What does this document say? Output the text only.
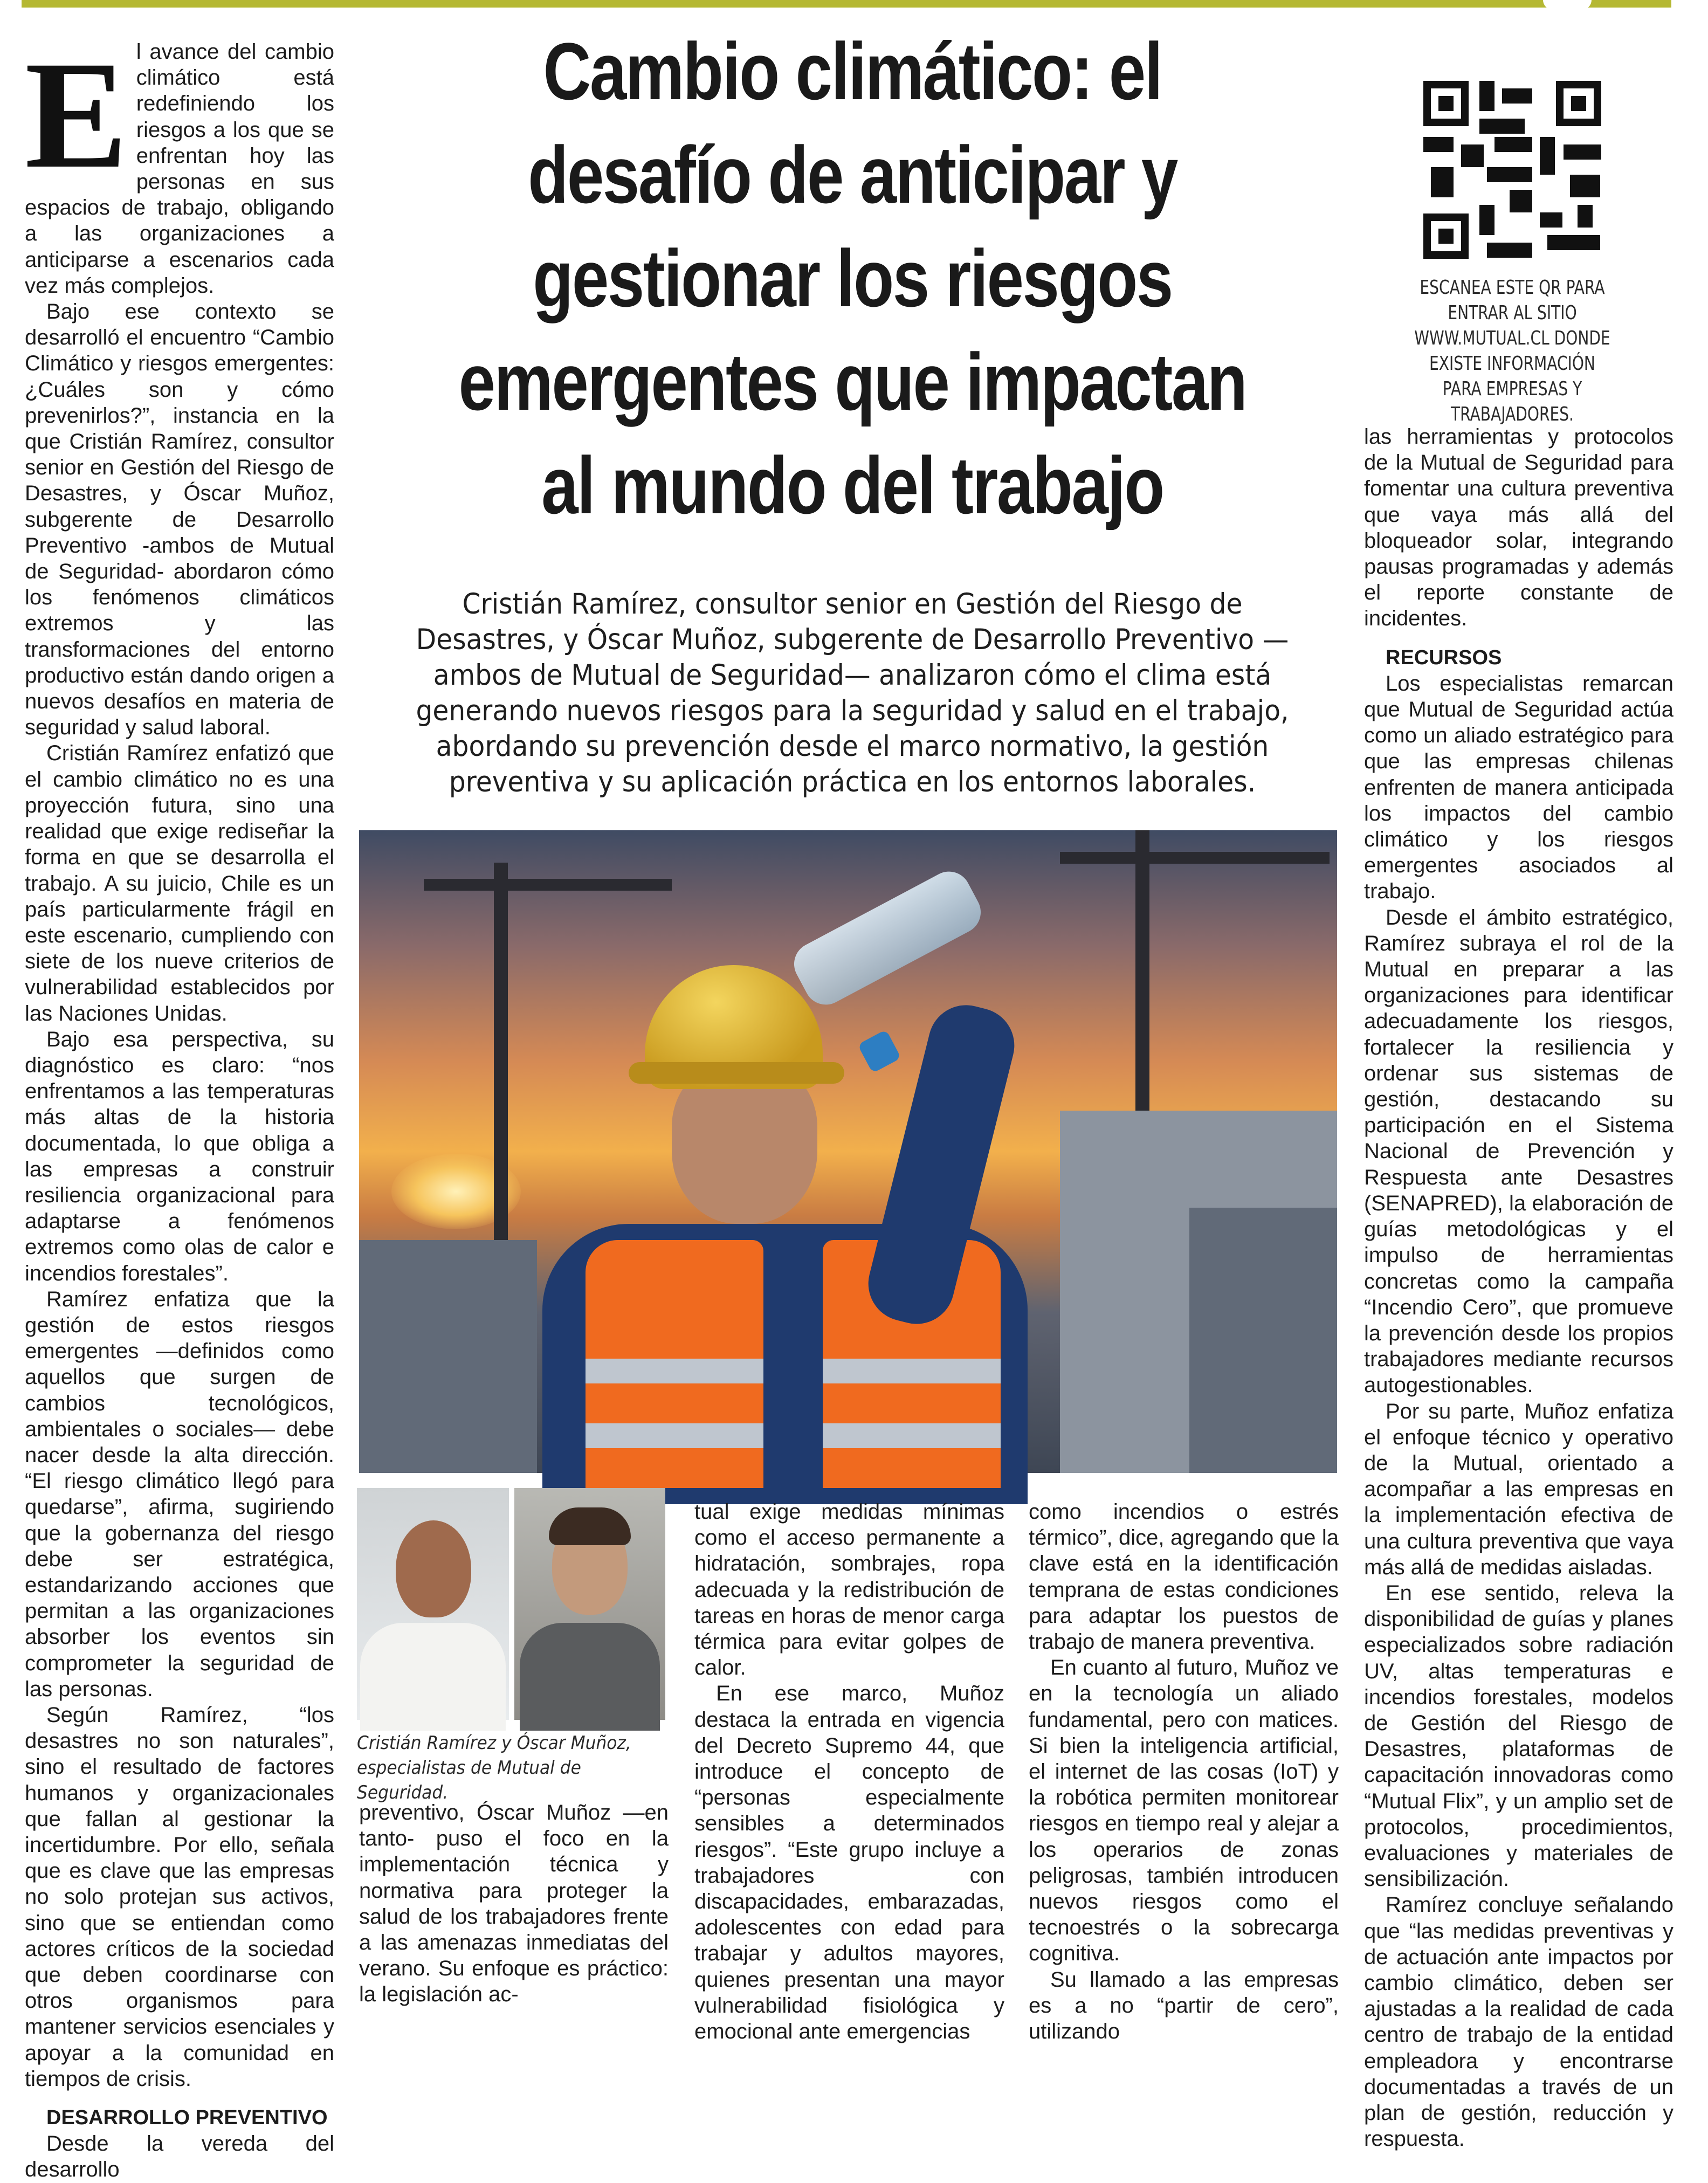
E l avance del cambio climático está redefiniendo los riesgos a los que se enfrentan hoy las personas en sus espacios de trabajo, obligando a las organizaciones a anticiparse a escenarios cada vez más complejos.

Bajo ese contexto se desarrolló el encuentro “Cambio Climático y riesgos emergentes: ¿Cuáles son y cómo prevenirlos?”, instancia en la que Cristián Ramírez, consultor senior en Gestión del Riesgo de Desastres, y Óscar Muñoz, subgerente de Desarrollo Preventivo -ambos de Mutual de Seguridad- abordaron cómo los fenómenos climáticos extremos y las transformaciones del entorno productivo están dando origen a nuevos desafíos en materia de seguridad y salud laboral.

Cristián Ramírez enfatizó que el cambio climático no es una proyección futura, sino una realidad que exige rediseñar la forma en que se desarrolla el trabajo. A su juicio, Chile es un país particularmente frágil en este escenario, cumpliendo con siete de los nueve criterios de vulnerabilidad establecidos por las Naciones Unidas.

Bajo esa perspectiva, su diagnóstico es claro: “nos enfrentamos a las temperaturas más altas de la historia documentada, lo que obliga a las empresas a construir resiliencia organizacional para adaptarse a fenómenos extremos como olas de calor e incendios forestales”.

Ramírez enfatiza que la gestión de estos riesgos emergentes —definidos como aquellos que surgen de cambios tecnológicos, ambientales o sociales— debe nacer desde la alta dirección. “El riesgo climático llegó para quedarse”, afirma, sugiriendo que la gobernanza del riesgo debe ser estratégica, estandarizando acciones que permitan a las organizaciones absorber los eventos sin comprometer la seguridad de las personas.

Según Ramírez, “los desastres no son naturales”, sino el resultado de factores humanos y organizacionales que fallan al gestionar la incertidumbre. Por ello, señala que es clave que las empresas no solo protejan sus activos, sino que se entiendan como actores críticos de la sociedad que deben coordinarse con otros organismos para mantener servicios esenciales y apoyar a la comunidad en tiempos de crisis.

DESARROLLO PREVENTIVO

Desde la vereda del desarrollo

Cambio climático: el desafío de anticipar y gestionar los riesgos emergentes que impactan al mundo del trabajo

Cristián Ramírez, consultor senior en Gestión del Riesgo de Desastres, y Óscar Muñoz, subgerente de Desarrollo Preventivo —ambos de Mutual de Seguridad— analizaron cómo el clima está generando nuevos riesgos para la seguridad y salud en el trabajo, abordando su prevención desde el marco normativo, la gestión preventiva y su aplicación práctica en los entornos laborales.

Cristián Ramírez y Óscar Muñoz, especialistas de Mutual de Seguridad.

preventivo, Óscar Muñoz —en tanto- puso el foco en la implementación técnica y normativa para proteger la salud de los trabajadores frente a las amenazas inmediatas del verano. Su enfoque es práctico: la legislación ac-

tual exige medidas mínimas como el acceso permanente a hidratación, sombrajes, ropa adecuada y la redistribución de tareas en horas de menor carga térmica para evitar golpes de calor.

En ese marco, Muñoz destaca la entrada en vigencia del Decreto Supremo 44, que introduce el concepto de “personas especialmente sensibles a determinados riesgos”. “Este grupo incluye a trabajadores con discapacidades, embarazadas, adolescentes con edad para trabajar y adultos mayores, quienes presentan una mayor vulnerabilidad fisiológica y emocional ante emergencias

como incendios o estrés térmico”, dice, agregando que la clave está en la identificación temprana de estas condiciones para adaptar los puestos de trabajo de manera preventiva.

En cuanto al futuro, Muñoz ve en la tecnología un aliado fundamental, pero con matices. Si bien la inteligencia artificial, el internet de las cosas (IoT) y la robótica permiten monitorear riesgos en tiempo real y alejar a los operarios de zonas peligrosas, también introducen nuevos riesgos como el tecnoestrés o la sobrecarga cognitiva.

Su llamado a las empresas es a no “partir de cero”, utilizando

ESCANEA ESTE QR PARA ENTRAR AL SITIO WWW.MUTUAL.CL DONDE EXISTE INFORMACIÓN PARA EMPRESAS Y TRABAJADORES.

las herramientas y protocolos de la Mutual de Seguridad para fomentar una cultura preventiva que vaya más allá del bloqueador solar, integrando pausas programadas y además el reporte constante de incidentes.

RECURSOS

Los especialistas remarcan que Mutual de Seguridad actúa como un aliado estratégico para que las empresas chilenas enfrenten de manera anticipada los impactos del cambio climático y los riesgos emergentes asociados al trabajo.

Desde el ámbito estratégico, Ramírez subraya el rol de la Mutual en preparar a las organizaciones para identificar adecuadamente los riesgos, fortalecer la resiliencia y ordenar sus sistemas de gestión, destacando su participación en el Sistema Nacional de Prevención y Respuesta ante Desastres (SENAPRED), la elaboración de guías metodológicas y el impulso de herramientas concretas como la campaña “Incendio Cero”, que promueve la prevención desde los propios trabajadores mediante recursos autogestionables.

Por su parte, Muñoz enfatiza el enfoque técnico y operativo de la Mutual, orientado a acompañar a las empresas en la implementación efectiva de una cultura preventiva que vaya más allá de medidas aisladas.

En ese sentido, releva la disponibilidad de guías y planes especializados sobre radiación UV, altas temperaturas e incendios forestales, modelos de Gestión del Riesgo de Desastres, plataformas de capacitación innovadoras como “Mutual Flix”, y un amplio set de protocolos, procedimientos, evaluaciones y materiales de sensibilización.

Ramírez concluye señalando que “las medidas preventivas y de actuación ante impactos por cambio climático, deben ser ajustadas a la realidad de cada centro de trabajo de la entidad empleadora y encontrarse documentadas a través de un plan de gestión, reducción y respuesta.
